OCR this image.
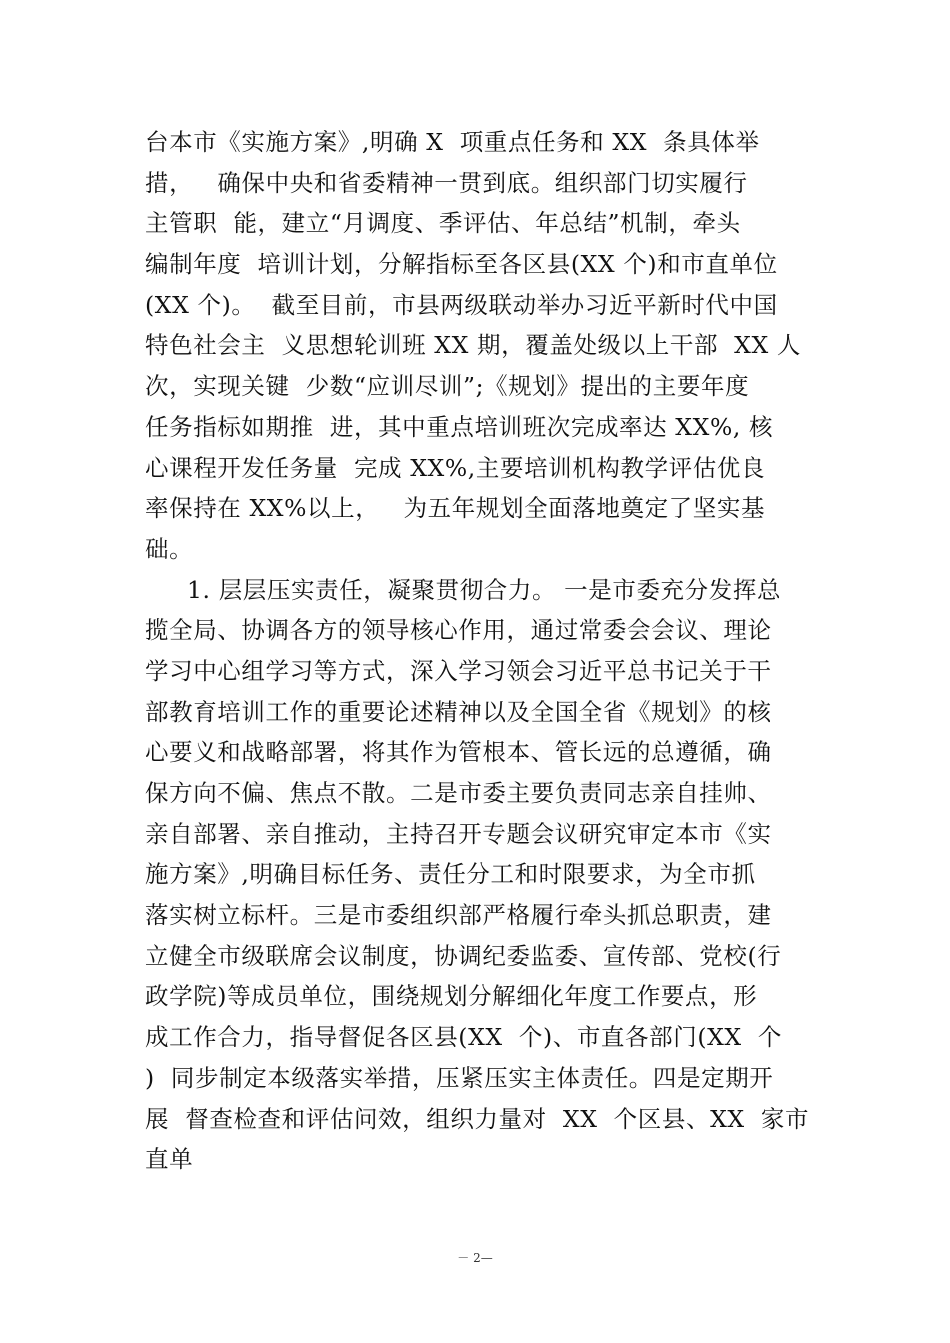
台本市《实施方案》,明确 X  项重点任务和 XX  条具体举
措，   确保中央和省委精神一贯到底。组织部门切实履行
主管职  能，建立“月调度、季评估、年总结”机制，牵头
编制年度  培训计划，分解指标至各区县(XX 个)和市直单位
(XX 个)。  截至目前，市县两级联动举办习近平新时代中国
特色社会主  义思想轮训班 XX 期，覆盖处级以上干部  XX 人
次，实现关键  少数“应训尽训”;《规划》提出的主要年度
任务指标如期推  进，其中重点培训班次完成率达 XX%, 核
心课程开发任务量  完成 XX%,主要培训机构教学评估优良
率保持在 XX%以上，   为五年规划全面落地奠定了坚实基
础。
1. 层层压实责任，凝聚贯彻合力。 一是市委充分发挥总
揽全局、协调各方的领导核心作用，通过常委会会议、理论
学习中心组学习等方式，深入学习领会习近平总书记关于干
部教育培训工作的重要论述精神以及全国全省《规划》的核
心要义和战略部署，将其作为管根本、管长远的总遵循，确
保方向不偏、焦点不散。二是市委主要负责同志亲自挂帅、
亲自部署、亲自推动，主持召开专题会议研究审定本市《实
施方案》,明确目标任务、责任分工和时限要求，为全市抓
落实树立标杆。三是市委组织部严格履行牵头抓总职责，建
立健全市级联席会议制度，协调纪委监委、宣传部、党校(行
政学院)等成员单位，围绕规划分解细化年度工作要点，形
成工作合力，指导督促各区县(XX  个)、市直各部门(XX  个
)  同步制定本级落实举措，压紧压实主体责任。四是定期开
展  督查检查和评估问效，组织力量对  XX  个区县、XX  家市
直单
－ 2—
